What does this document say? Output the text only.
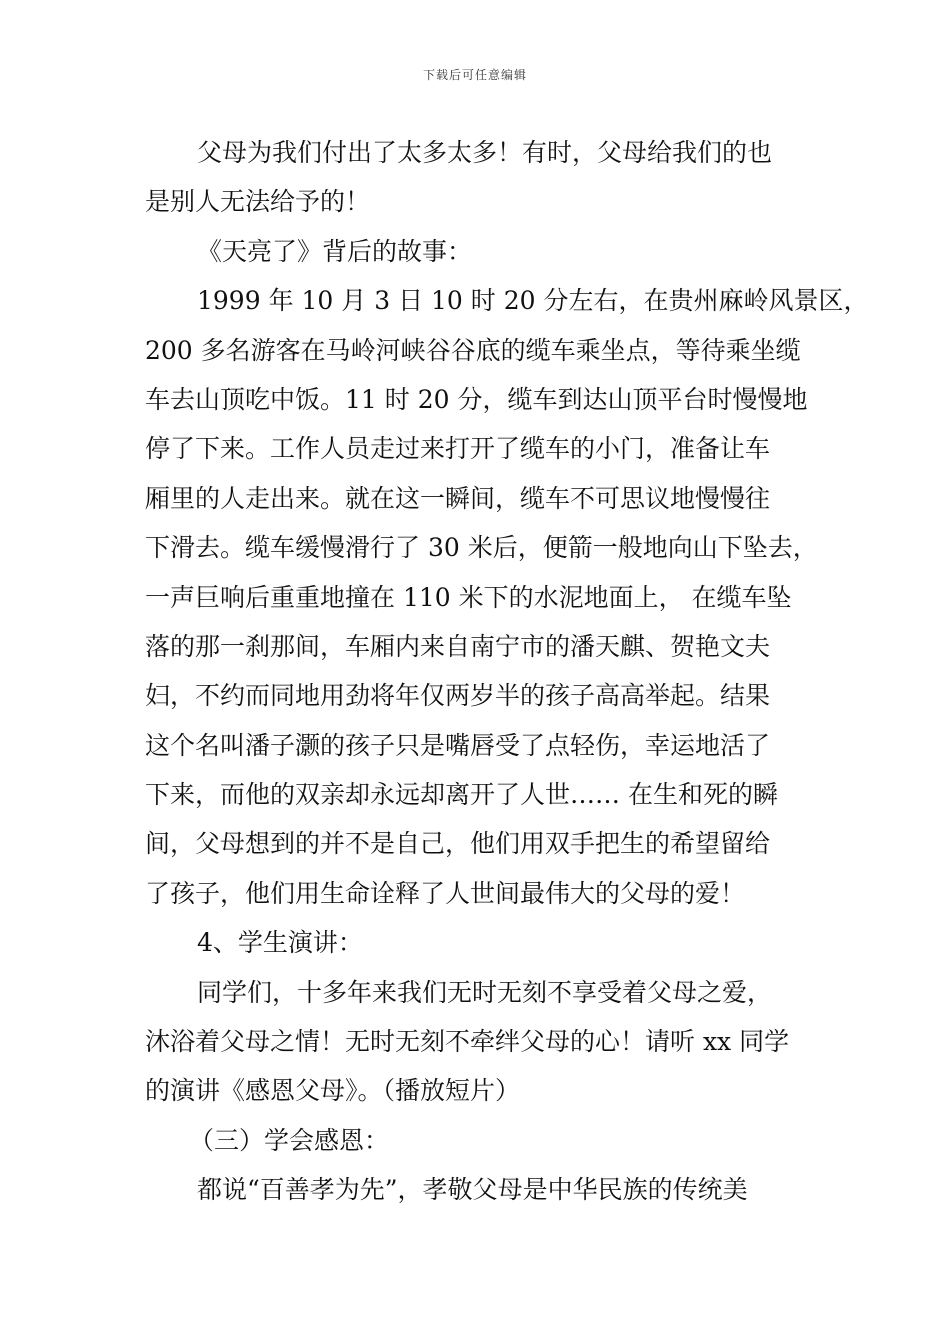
下载后可任意编辑
父母为我们付出了太多太多！有时，父母给我们的也
是别人无法给予的！
《天亮了》背后的故事：
1999 年 10 月 3 日 10 时 20 分左右，在贵州麻岭风景区，
200 多名游客在马岭河峡谷谷底的缆车乘坐点，等待乘坐缆
车去山顶吃中饭。11 时 20 分，缆车到达山顶平台时慢慢地
停了下来。工作人员走过来打开了缆车的小门，准备让车
厢里的人走出来。就在这一瞬间，缆车不可思议地慢慢往
下滑去。缆车缓慢滑行了 30 米后，便箭一般地向山下坠去，
一声巨响后重重地撞在 110 米下的水泥地面上， 在缆车坠
落的那一刹那间，车厢内来自南宁市的潘天麒、贺艳文夫
妇，不约而同地用劲将年仅两岁半的孩子高高举起。结果
这个名叫潘子灏的孩子只是嘴唇受了点轻伤，幸运地活了
下来，而他的双亲却永远却离开了人世…… 在生和死的瞬
间，父母想到的并不是自己，他们用双手把生的希望留给
了孩子，他们用生命诠释了人世间最伟大的父母的爱！
4、学生演讲：
同学们，十多年来我们无时无刻不享受着父母之爱，
沐浴着父母之情！无时无刻不牵绊父母的心！请听 xx 同学
的演讲《感恩父母》。（播放短片）
（三）学会感恩：
都说“百善孝为先”，孝敬父母是中华民族的传统美
